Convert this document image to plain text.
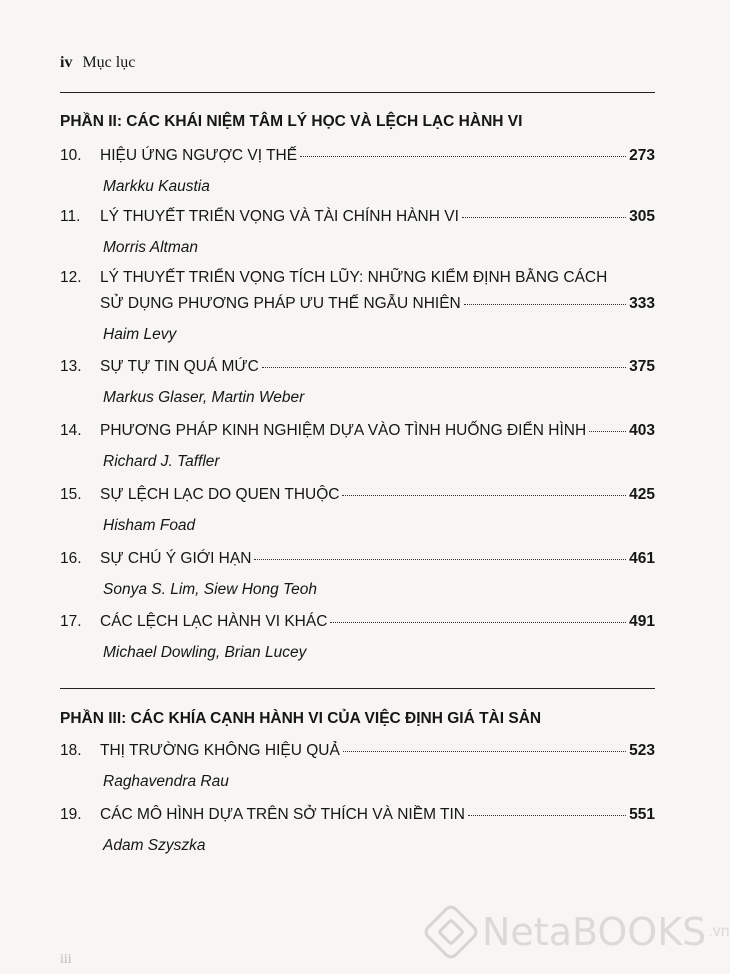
iv Mục lục
PHẦN II: CÁC KHÁI NIỆM TÂM LÝ HỌC VÀ LỆCH LẠC HÀNH VI
10.	HIỆU ỨNG NGƯỢC VỊ THẾ	273
Markku Kaustia
11.	LÝ THUYẾT TRIỂN VỌNG VÀ TÀI CHÍNH HÀNH VI	305
Morris Altman
12.	LÝ THUYẾT TRIỂN VỌNG TÍCH LŨY: NHỮNG KIỂM ĐỊNH BẰNG CÁCH
SỬ DỤNG PHƯƠNG PHÁP ƯU THẾ NGẪU NHIÊN	333
Haim Levy
13.	SỰ TỰ TIN QUÁ MỨC	375
Markus Glaser, Martin Weber
14.	PHƯƠNG PHÁP KINH NGHIỆM DỰA VÀO TÌNH HUỐNG ĐIỂN HÌNH	403
Richard J. Taffler
15.	SỰ LỆCH LẠC DO QUEN THUỘC	425
Hisham Foad
16.	SỰ CHÚ Ý GIỚI HẠN	461
Sonya S. Lim, Siew Hong Teoh
17.	CÁC LỆCH LẠC HÀNH VI KHÁC	491
Michael Dowling, Brian Lucey
PHẦN III: CÁC KHÍA CẠNH HÀNH VI CỦA VIỆC ĐỊNH GIÁ TÀI SẢN
18.	THỊ TRƯỜNG KHÔNG HIỆU QUẢ	523
Raghavendra Rau
19.	CÁC MÔ HÌNH DỰA TRÊN SỞ THÍCH VÀ NIỀM TIN	551
Adam Szyszka
NetaBOOKS .vn
iii
